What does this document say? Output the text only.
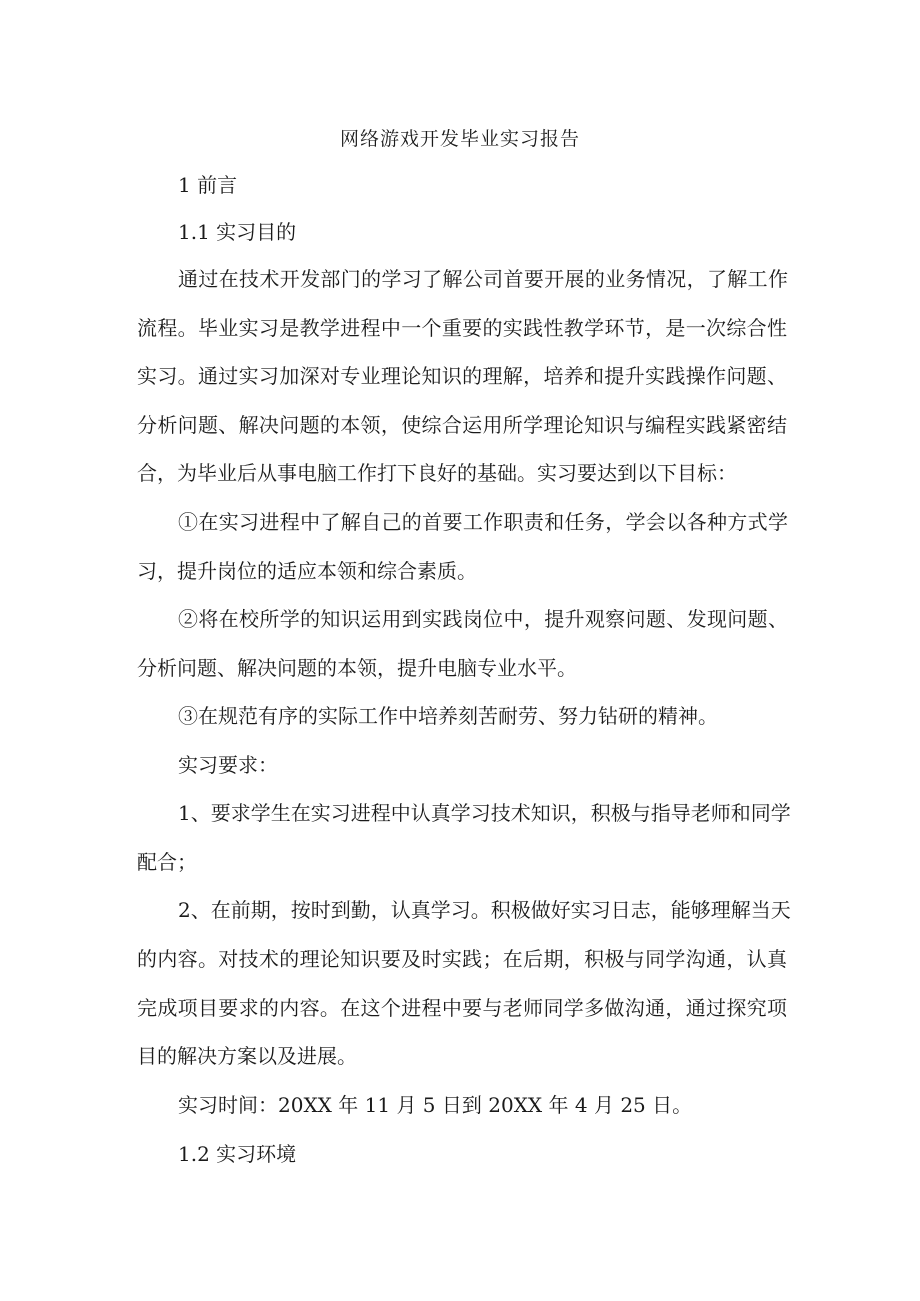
网络游戏开发毕业实习报告
1 前言
1.1 实习目的
通过在技术开发部门的学习了解公司首要开展的业务情况，了解工作
流程。毕业实习是教学进程中一个重要的实践性教学环节，是一次综合性
实习。通过实习加深对专业理论知识的理解，培养和提升实践操作问题、
分析问题、解决问题的本领，使综合运用所学理论知识与编程实践紧密结
合，为毕业后从事电脑工作打下良好的基础。实习要达到以下目标：
①在实习进程中了解自己的首要工作职责和任务，学会以各种方式学
习，提升岗位的适应本领和综合素质。
②将在校所学的知识运用到实践岗位中，提升观察问题、发现问题、
分析问题、解决问题的本领，提升电脑专业水平。
③在规范有序的实际工作中培养刻苦耐劳、努力钻研的精神。
实习要求：
1、要求学生在实习进程中认真学习技术知识，积极与指导老师和同学
配合；
2、在前期，按时到勤，认真学习。积极做好实习日志，能够理解当天
的内容。对技术的理论知识要及时实践；在后期，积极与同学沟通，认真
完成项目要求的内容。在这个进程中要与老师同学多做沟通，通过探究项
目的解决方案以及进展。
实习时间：20XX 年 11 月 5 日到 20XX 年 4 月 25 日。
1.2 实习环境
